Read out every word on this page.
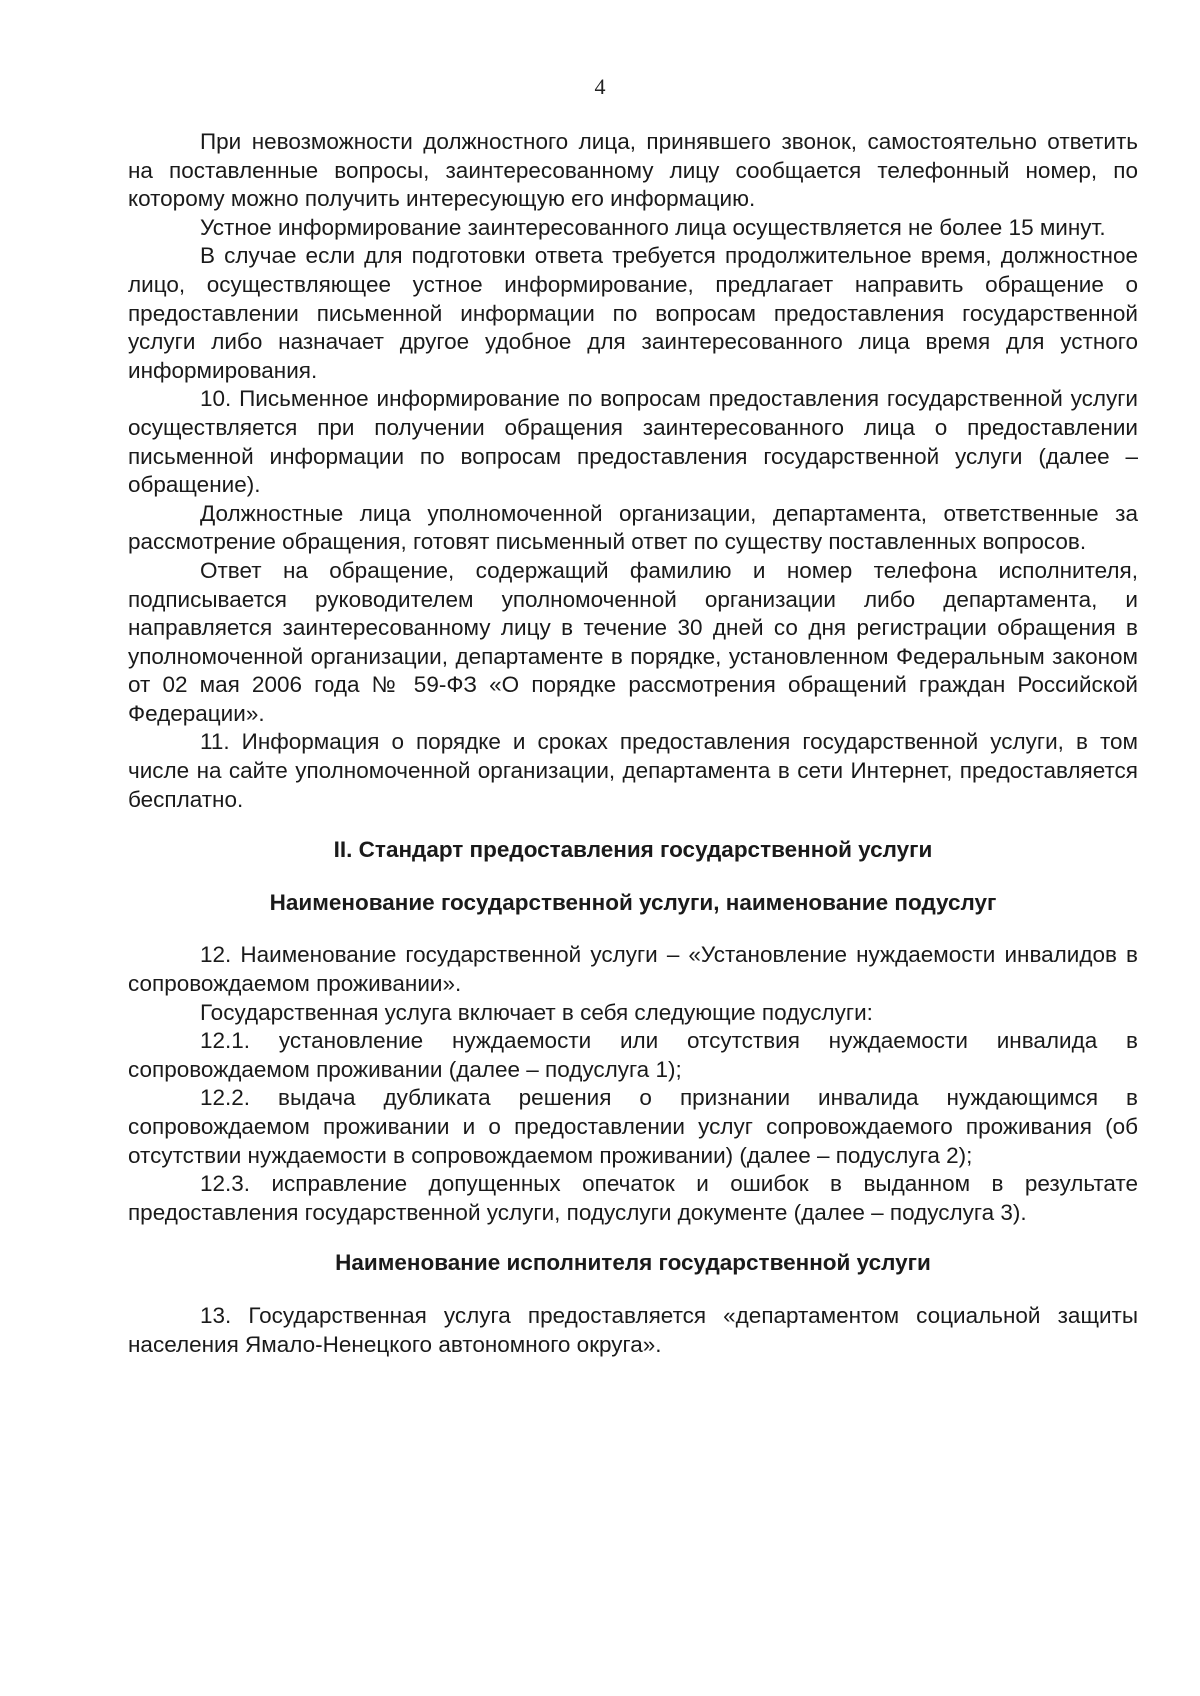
4

При невозможности должностного лица, принявшего звонок, самостоятельно ответить на поставленные вопросы, заинтересованному лицу сообщается телефонный номер, по которому можно получить интересующую его информацию.

Устное информирование заинтересованного лица осуществляется не более 15 минут.

В случае если для подготовки ответа требуется продолжительное время, должностное лицо, осуществляющее устное информирование, предлагает направить обращение о предоставлении письменной информации по вопросам предоставления государственной услуги либо назначает другое удобное для заинтересованного лица время для устного информирования.

10. Письменное информирование по вопросам предоставления государственной услуги осуществляется при получении обращения заинтересованного лица о предоставлении письменной информации по вопросам предоставления государственной услуги (далее – обращение).

Должностные лица уполномоченной организации, департамента, ответственные за рассмотрение обращения, готовят письменный ответ по существу поставленных вопросов.

Ответ на обращение, содержащий фамилию и номер телефона исполнителя, подписывается руководителем уполномоченной организации либо департамента, и направляется заинтересованному лицу в течение 30 дней со дня регистрации обращения в уполномоченной организации, департаменте в порядке, установленном Федеральным законом от 02 мая 2006 года № 59-ФЗ «О порядке рассмотрения обращений граждан Российской Федерации».

11. Информация о порядке и сроках предоставления государственной услуги, в том числе на сайте уполномоченной организации, департамента в сети Интернет, предоставляется бесплатно.

II. Стандарт предоставления государственной услуги

Наименование государственной услуги, наименование подуслуг

12. Наименование государственной услуги – «Установление нуждаемости инвалидов в сопровождаемом проживании».

Государственная услуга включает в себя следующие подуслуги:

12.1. установление нуждаемости или отсутствия нуждаемости инвалида в сопровождаемом проживании (далее – подуслуга 1);

12.2. выдача дубликата решения о признании инвалида нуждающимся в сопровождаемом проживании и о предоставлении услуг сопровождаемого проживания (об отсутствии нуждаемости в сопровождаемом проживании) (далее – подуслуга 2);

12.3. исправление допущенных опечаток и ошибок в выданном в результате предоставления государственной услуги, подуслуги документе (далее – подуслуга 3).

Наименование исполнителя государственной услуги

13. Государственная услуга предоставляется «департаментом социальной защиты населения Ямало-Ненецкого автономного округа».
